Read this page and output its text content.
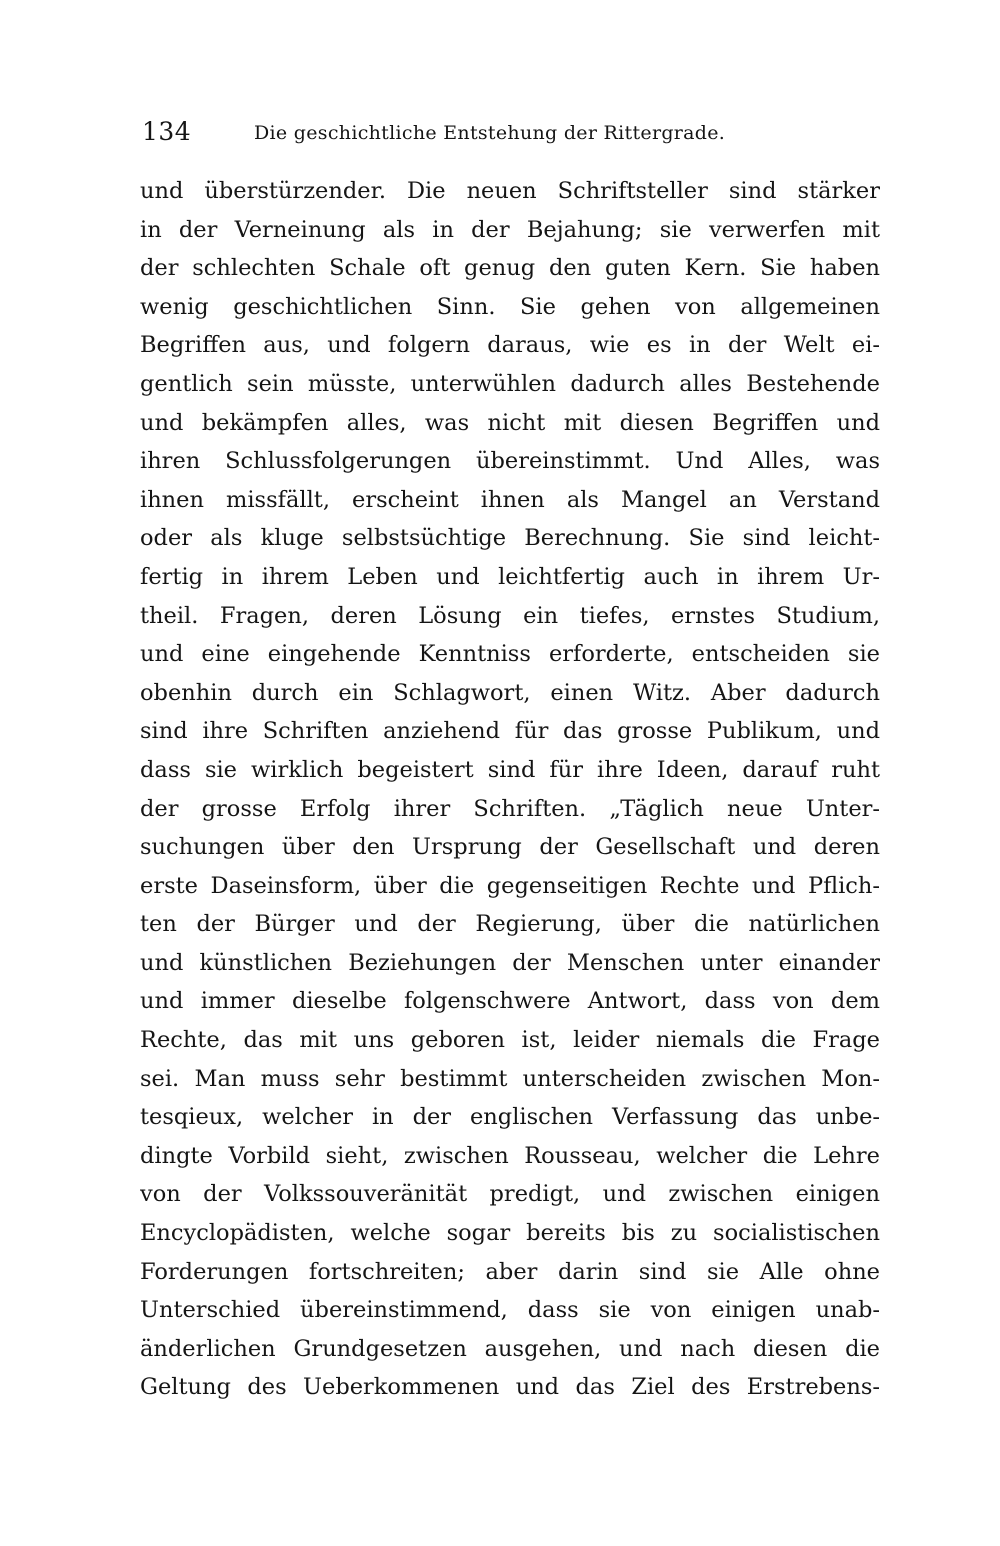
134	Die geschichtliche Entstehung der Rittergrade.
und überstürzender. Die neuen Schriftsteller sind stärker
in der Verneinung als in der Bejahung; sie verwerfen mit
der schlechten Schale oft genug den guten Kern. Sie haben
wenig geschichtlichen Sinn. Sie gehen von allgemeinen
Begriffen aus, und folgern daraus, wie es in der Welt ei-
gentlich sein müsste, unterwühlen dadurch alles Bestehende
und bekämpfen alles, was nicht mit diesen Begriffen und
ihren Schlussfolgerungen übereinstimmt. Und Alles, was
ihnen missfällt, erscheint ihnen als Mangel an Verstand
oder als kluge selbstsüchtige Berechnung. Sie sind leicht-
fertig in ihrem Leben und leichtfertig auch in ihrem Ur-
theil. Fragen, deren Lösung ein tiefes, ernstes Studium,
und eine eingehende Kenntniss erforderte, entscheiden sie
obenhin durch ein Schlagwort, einen Witz. Aber dadurch
sind ihre Schriften anziehend für das grosse Publikum, und
dass sie wirklich begeistert sind für ihre Ideen, darauf ruht
der grosse Erfolg ihrer Schriften. „Täglich neue Unter-
suchungen über den Ursprung der Gesellschaft und deren
erste Daseinsform, über die gegenseitigen Rechte und Pflich-
ten der Bürger und der Regierung, über die natürlichen
und künstlichen Beziehungen der Menschen unter einander
und immer dieselbe folgenschwere Antwort, dass von dem
Rechte, das mit uns geboren ist, leider niemals die Frage
sei. Man muss sehr bestimmt unterscheiden zwischen Mon-
tesqieux, welcher in der englischen Verfassung das unbe-
dingte Vorbild sieht, zwischen Rousseau, welcher die Lehre
von der Volkssouveränität predigt, und zwischen einigen
Encyclopädisten, welche sogar bereits bis zu socialistischen
Forderungen fortschreiten; aber darin sind sie Alle ohne
Unterschied übereinstimmend, dass sie von einigen unab-
änderlichen Grundgesetzen ausgehen, und nach diesen die
Geltung des Ueberkommenen und das Ziel des Erstrebens-
